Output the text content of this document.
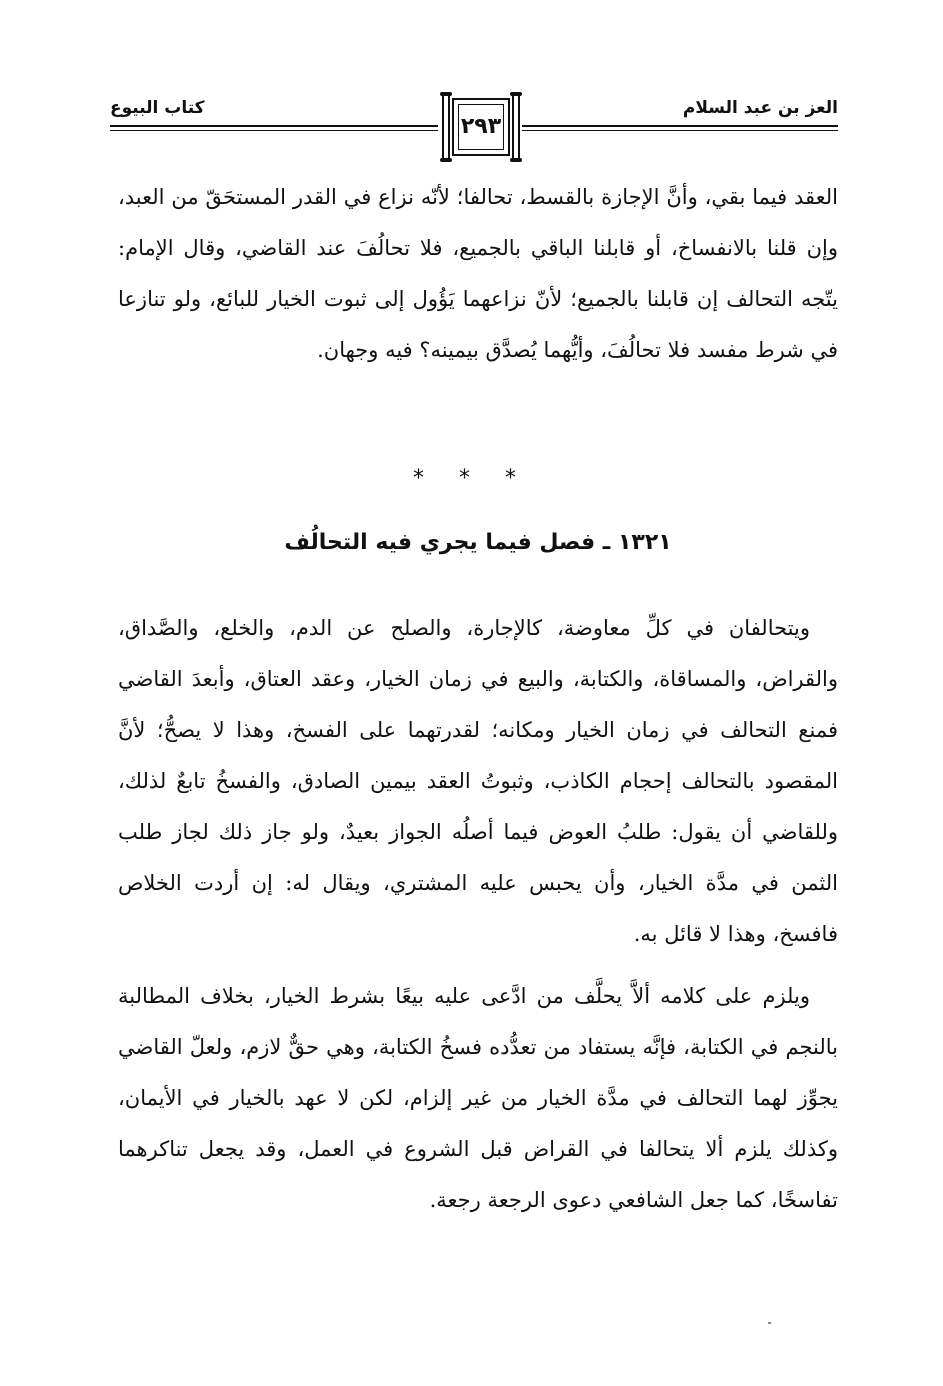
كتاب البيوع	العز بن عبد السلام
٢٩٣

العقد فيما بقي، وأنَّ الإجازة بالقسط، تحالفا؛ لأنّه نزاع في القدر المستحَقّ من العبد، وإن قلنا بالانفساخ، أو قابلنا الباقي بالجميع، فلا تحالُفَ عند القاضي، وقال الإمام: يتّجه التحالف إن قابلنا بالجميع؛ لأنّ نزاعهما يَؤُول إلى ثبوت الخيار للبائع، ولو تنازعا في شرط مفسد فلا تحالُفَ، وأيُّهما يُصدَّق بيمينه؟ فيه وجهان.

* * *
١٣٢١ ـ فصل فيما يجري فيه التحالُف

ويتحالفان في كلِّ معاوضة، كالإجارة، والصلح عن الدم، والخلع، والصَّداق، والقراض، والمساقاة، والكتابة، والبيع في زمان الخيار، وعقد العتاق، وأبعدَ القاضي فمنع التحالف في زمان الخيار ومكانه؛ لقدرتهما على الفسخ، وهذا لا يصحُّ؛ لأنَّ المقصود بالتحالف إحجام الكاذب، وثبوتُ العقد بيمين الصادق، والفسخُ تابعٌ لذلك، وللقاضي أن يقول: طلبُ العوض فيما أصلُه الجواز بعيدٌ، ولو جاز ذلك لجاز طلب الثمن في مدَّة الخيار، وأن يحبس عليه المشتري، ويقال له: إن أردت الخلاص فافسخ، وهذا لا قائل به.

ويلزم على كلامه ألاَّ يحلَّف من ادَّعى عليه بيعًا بشرط الخيار، بخلاف المطالبة بالنجم في الكتابة، فإنَّه يستفاد من تعدُّده فسخُ الكتابة، وهي حقٌّ لازم، ولعلّ القاضي يجوِّز لهما التحالف في مدَّة الخيار من غير إلزام، لكن لا عهد بالخيار في الأيمان، وكذلك يلزم ألا يتحالفا في القراض قبل الشروع في العمل، وقد يجعل تناكرهما تفاسخًا، كما جعل الشافعي دعوى الرجعة رجعة.
